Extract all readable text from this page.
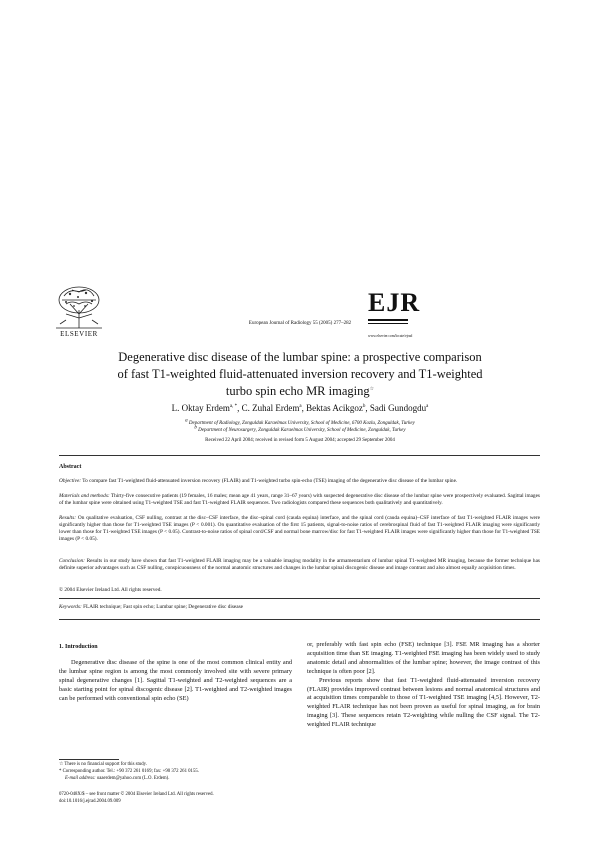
ELSEVIER
European Journal of Radiology 55 (2005) 277–282
EJR
www.elsevier.com/locate/ejrad
Degenerative disc disease of the lumbar spine: a prospective comparison
of fast T1-weighted fluid-attenuated inversion recovery and T1-weighted
turbo spin echo MR imaging☆
L. Oktay Erdem$^{a, *}$, C. Zuhal Erdem$^a$, Bektas Acikgoz$^b$, Sadi Gundogdu$^a$
$^a$ Department of Radiology, Zonguldak Karaelmas University, School of Medicine, 6700 Kozlu, Zonguldak, Turkey
$^b$ Department of Neurosurgery, Zonguldak Karaelmas University, School of Medicine, Zonguldak, Turkey
Received 22 April 2004; received in revised form 5 August 2004; accepted 29 September 2004
Abstract
Objective: To compare fast T1-weighted fluid-attenuated inversion recovery (FLAIR) and T1-weighted turbo spin-echo (TSE) imaging of the degenerative disc disease of the lumbar spine.
Materials and methods: Thirty-five consecutive patients (19 females, 16 males; mean age 41 years, range 31–67 years) with suspected degenerative disc disease of the lumbar spine were prospectively evaluated. Sagittal images of the lumbar spine were obtained using T1-weighted TSE and fast T1-weighted FLAIR sequences. Two radiologists compared these sequences both qualitatively and quantitatively.
Results: On qualitative evaluation, CSF nulling, contrast at the disc–CSF interface, the disc–spinal cord (cauda equina) interface, and the spinal cord (cauda equina)–CSF interface of fast T1-weighted FLAIR images were significantly higher than those for T1-weighted TSE images (P < 0.001). On quantitative evaluation of the first 15 patients, signal-to-noise ratios of cerebrospinal fluid of fast T1-weighted FLAIR imaging were significantly lower than those for T1-weighted TSE images (P < 0.05). Contrast-to-noise ratios of spinal cord/CSF and normal bone marrow/disc for fast T1-weighted FLAIR images were significantly higher than those for T1-weighted TSE images (P < 0.05).
Conclusion: Results in our study have shown that fast T1-weighted FLAIR imaging may be a valuable imaging modality in the armamentarium of lumbar spinal T1-weighted MR imaging, because the former technique has definite superior advantages such as CSF nulling, conspicuousness of the normal anatomic structures and changes in the lumbar spinal discogenic disease and image contrast and also almost equally acquisition times.
© 2004 Elsevier Ireland Ltd. All rights reserved.
Keywords: FLAIR technique; Fast spin echo; Lumbar spine; Degenerative disc disease
1. Introduction

Degenerative disc disease of the spine is one of the most common clinical entity and the lumbar spine region is among the most commonly involved site with severe primary spinal degenerative changes [1]. Sagittal T1-weighted and T2-weighted sequences are a basic starting point for spinal discogenic disease [2]. T1-weighted and T2-weighted images can be performed with conventional spin echo (SE)

or, preferably with fast spin echo (FSE) technique [3]. FSE MR imaging has a shorter acquisition time than SE imaging. T1-weighted FSE imaging has been widely used to study anatomic detail and abnormalities of the lumbar spine; however, the image contrast of this technique is often poor [2].

Previous reports show that fast T1-weighted fluid-attenuated inversion recovery (FLAIR) provides improved contrast between lesions and normal anatomical structures and at acquisition times comparable to those of T1-weighted TSE imaging [4,5]. However, T2-weighted FLAIR technique has not been proven as useful for spinal imaging, as for brain imaging [3]. These sequences retain T2-weighting while nulling the CSF signal. The T2-weighted FLAIR technique

☆ There is no financial support for this study.
* Corresponding author. Tel.: +90 372 261 0169; fax: +90 372 261 0155.
E-mail address: oaaerdem@yahoo.com (L.O. Erdem).
0720-048X/$ – see front matter © 2004 Elsevier Ireland Ltd. All rights reserved.
doi:10.1016/j.ejrad.2004.09.009
